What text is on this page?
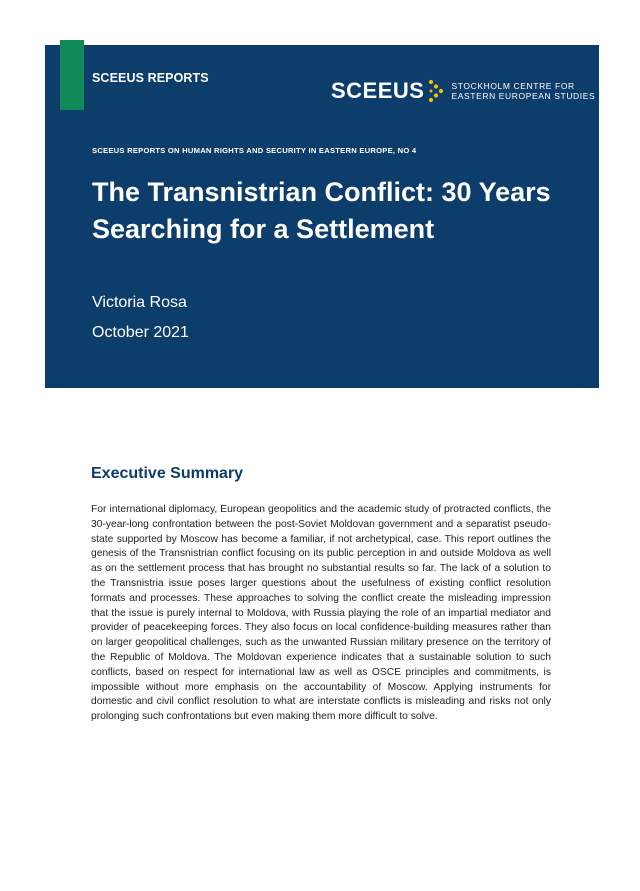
SCEEUS REPORTS	SCEEUS	STOCKHOLM CENTRE FOR
EASTERN EUROPEAN STUDIES
SCEEUS REPORTS ON HUMAN RIGHTS AND SECURITY IN EASTERN EUROPE, NO 4
The Transnistrian Conflict: 30 Years Searching for a Settlement
Victoria Rosa
October 2021
Executive Summary

For international diplomacy, European geopolitics and the academic study of protracted conflicts, the 30-year-long confrontation between the post-Soviet Moldovan government and a separatist pseudo-state supported by Moscow has become a familiar, if not archetypical, case. This report outlines the genesis of the Transnistrian conflict focusing on its public perception in and outside Moldova as well as on the settlement process that has brought no substantial results so far. The lack of a solution to the Transnistria issue poses larger questions about the usefulness of existing conflict resolution formats and processes. These approaches to solving the conflict create the misleading impression that the issue is purely internal to Moldova, with Russia playing the role of an impartial mediator and provider of peacekeeping forces. They also focus on local confidence-building measures rather than on larger geopolitical challenges, such as the unwanted Russian military presence on the territory of the Republic of Moldova. The Moldovan experience indicates that a sustainable solution to such conflicts, based on respect for international law as well as OSCE principles and commitments, is impossible without more emphasis on the accountability of Moscow. Applying instruments for domestic and civil conflict resolution to what are interstate conflicts is misleading and risks not only prolonging such confrontations but even making them more difficult to solve.
